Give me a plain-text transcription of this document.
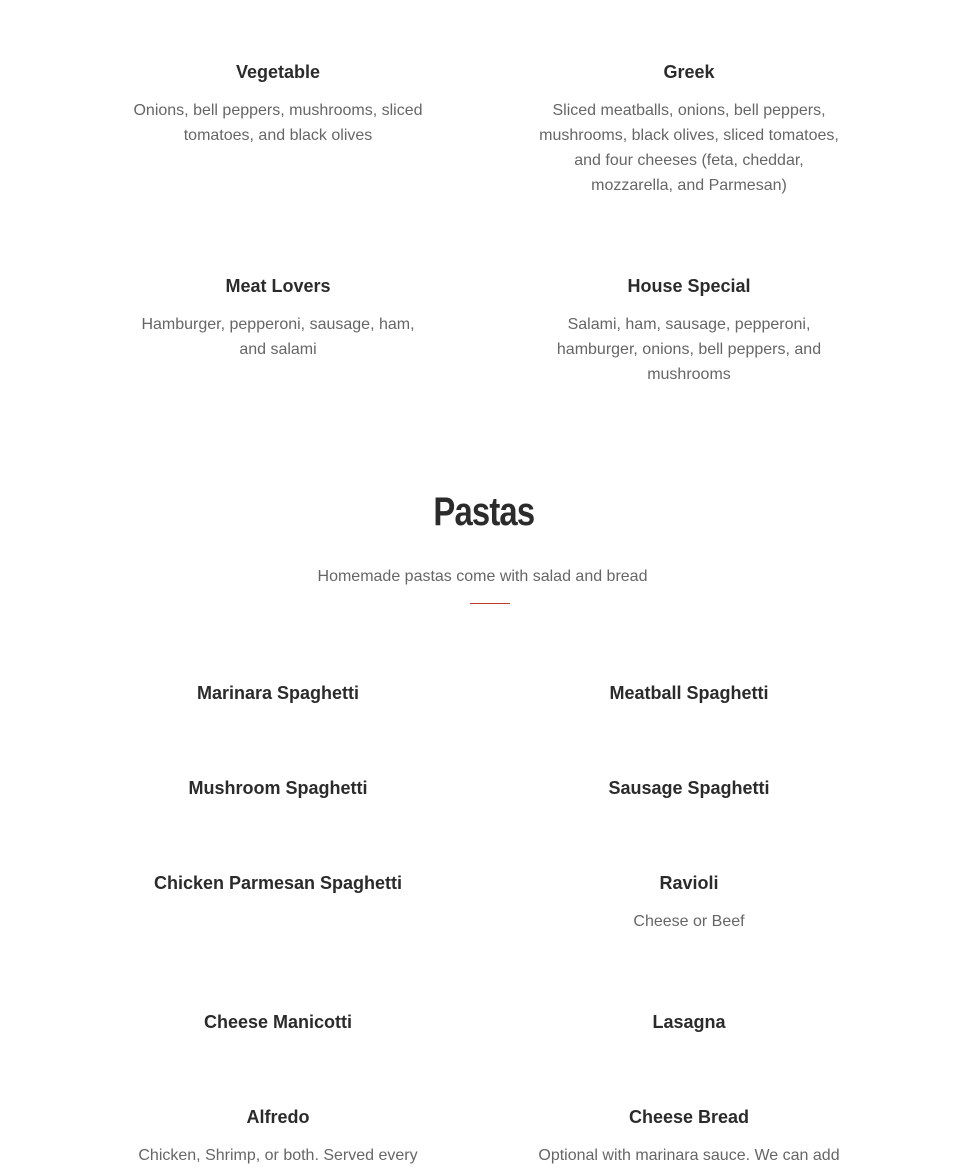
Vegetable

Onions, bell peppers, mushrooms, sliced tomatoes, and black olives

Greek

Sliced meatballs, onions, bell peppers, mushrooms, black olives, sliced tomatoes, and four cheeses (feta, cheddar, mozzarella, and Parmesan)

Meat Lovers

Hamburger, pepperoni, sausage, ham, and salami

House Special

Salami, ham, sausage, pepperoni, hamburger, onions, bell peppers, and mushrooms

Pastas

Homemade pastas come with salad and bread

Marinara Spaghetti	Meatball Spaghetti
Mushroom Spaghetti	Sausage Spaghetti
Chicken Parmesan Spaghetti	Ravioli

Cheese or Beef

Cheese Manicotti	Lasagna
Alfredo

Chicken, Shrimp, or both. Served every

Cheese Bread

Optional with marinara sauce. We can add
